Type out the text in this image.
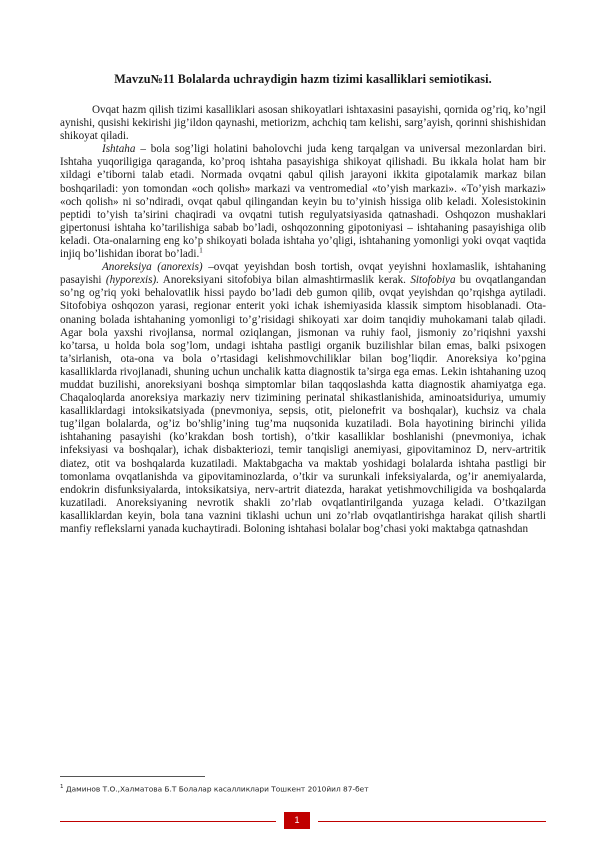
Mavzu№11 Bolalarda uchraydigin hazm tizimi kasalliklari semiotikasi.

Ovqat hazm qilish tizimi kasalliklari asosan shikoyatlari ishtaxasini pasayishi, qornida og’riq, ko’ngil aynishi, qusishi kekirishi jig’ildon qaynashi, metiorizm, achchiq tam kelishi, sarg’ayish, qorinni shishishidan shikoyat qiladi.

Ishtaha – bola sog’ligi holatini baholovchi juda keng tarqalgan va universal mezonlardan biri. Ishtaha yuqoriligiga qaraganda, ko’proq ishtaha pasayishiga shikoyat qilishadi. Bu ikkala holat ham bir xildagi e’tiborni talab etadi. Normada ovqatni qabul qilish jarayoni ikkita gipotalamik markaz bilan boshqariladi: yon tomondan «och qolish» markazi va ventromedial «to’yish markazi». «To’yish markazi» «och qolish» ni so’ndiradi, ovqat qabul qilingandan keyin bu to’yinish hissiga olib keladi. Xolesistokinin peptidi to’yish ta’sirini chaqiradi va ovqatni tutish regulyatsiyasida qatnashadi. Oshqozon mushaklari gipertonusi ishtaha ko’tarilishiga sabab bo’ladi, oshqozonning gipotoniyasi – ishtahaning pasayishiga olib keladi. Ota-onalarning eng ko’p shikoyati bolada ishtaha yo’qligi, ishtahaning yomonligi yoki ovqat vaqtida injiq bo’lishidan iborat bo’ladi.$^1$

Anoreksiya (anorexis) –ovqat yeyishdan bosh tortish, ovqat yeyishni hoxlamaslik, ishtahaning pasayishi (hyporexis). Anoreksiyani sitofobiya bilan almashtirmaslik kerak. Sitofobiya bu ovqatlangandan so’ng og’riq yoki behalovatlik hissi paydo bo’ladi deb gumon qilib, ovqat yeyishdan qo’rqishga aytiladi. Sitofobiya oshqozon yarasi, regionar enterit yoki ichak ishemiyasida klassik simptom hisoblanadi. Ota-onaning bolada ishtahaning yomonligi to’g’risidagi shikoyati xar doim tanqidiy muhokamani talab qiladi. Agar bola yaxshi rivojlansa, normal oziqlangan, jismonan va ruhiy faol, jismoniy zo’riqishni yaxshi ko’tarsa, u holda bola sog’lom, undagi ishtaha pastligi organik buzilishlar bilan emas, balki psixogen ta’sirlanish, ota-ona va bola o’rtasidagi kelishmovchiliklar bilan bog’liqdir. Anoreksiya ko’pgina kasalliklarda rivojlanadi, shuning uchun unchalik katta diagnostik ta’sirga ega emas. Lekin ishtahaning uzoq muddat buzilishi, anoreksiyani boshqa simptomlar bilan taqqoslashda katta diagnostik ahamiyatga ega. Chaqaloqlarda anoreksiya markaziy nerv tizimining perinatal shikastlanishida, aminoatsiduriya, umumiy kasalliklardagi intoksikatsiyada (pnevmoniya, sepsis, otit, pielonefrit va boshqalar), kuchsiz va chala tug’ilgan bolalarda, og’iz bo’shlig’ining tug’ma nuqsonida kuzatiladi. Bola hayotining birinchi yilida ishtahaning pasayishi (ko’krakdan bosh tortish), o’tkir kasalliklar boshlanishi (pnevmoniya, ichak infeksiyasi va boshqalar), ichak disbakteriozi, temir tanqisligi anemiyasi, gipovitaminoz D, nerv-artritik diatez, otit va boshqalarda kuzatiladi. Maktabgacha va maktab yoshidagi bolalarda ishtaha pastligi bir tomonlama ovqatlanishda va gipovitaminozlarda, o’tkir va surunkali infeksiyalarda, og’ir anemiyalarda, endokrin disfunksiyalarda, intoksikatsiya, nerv-artrit diatezda, harakat yetishmovchiligida va boshqalarda kuzatiladi. Anoreksiyaning nevrotik shakli zo’rlab ovqatlantirilganda yuzaga keladi. O’tkazilgan kasalliklardan keyin, bola tana vaznini tiklashi uchun uni zo’rlab ovqatlantirishga harakat qilish shartli manfiy reflekslarni yanada kuchaytiradi. Boloning ishtahasi bolalar bog’chasi yoki maktabga qatnashdan

$^1$ Даминов Т.О.,Халматова Б.Т Болалар касалликлари Тошкент 2010йил 87-бет
1
